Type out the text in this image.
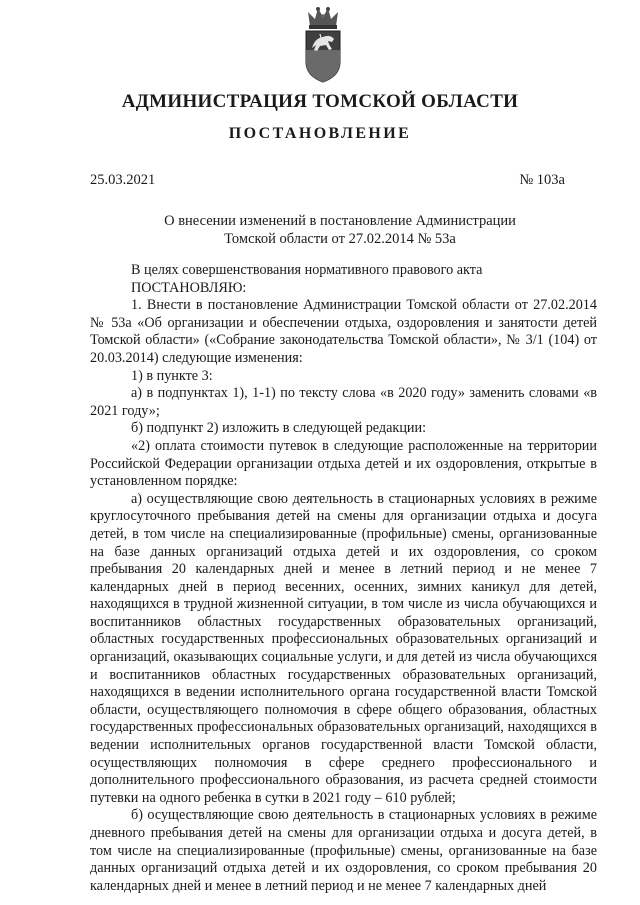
АДМИНИСТРАЦИЯ ТОМСКОЙ ОБЛАСТИ
ПОСТАНОВЛЕНИЕ
25.03.2021	№ 103а
О внесении изменений в постановление Администрации
Томской области от 27.02.2014 № 53а

В целях совершенствования нормативного правового акта

ПОСТАНОВЛЯЮ:

1. Внести в постановление Администрации Томской области от 27.02.2014 № 53а «Об организации и обеспечении отдыха, оздоровления и занятости детей Томской области» («Собрание законодательства Томской области», № 3/1 (104) от 20.03.2014) следующие изменения:

1) в пункте 3:

а) в подпунктах 1), 1-1) по тексту слова «в 2020 году» заменить словами «в 2021 году»;

б) подпункт 2) изложить в следующей редакции:

«2) оплата стоимости путевок в следующие расположенные на территории Российской Федерации организации отдыха детей и их оздоровления, открытые в установленном порядке:

а) осуществляющие свою деятельность в стационарных условиях в режиме круглосуточного пребывания детей на смены для организации отдыха и досуга детей, в том числе на специализированные (профильные) смены, организованные на базе данных организаций отдыха детей и их оздоровления, со сроком пребывания 20 календарных дней и менее в летний период и не менее 7 календарных дней в период весенних, осенних, зимних каникул для детей, находящихся в трудной жизненной ситуации, в том числе из числа обучающихся и воспитанников областных государственных образовательных организаций, областных государственных профессиональных образовательных организаций и организаций, оказывающих социальные услуги, и для детей из числа обучающихся и воспитанников областных государственных образовательных организаций, находящихся в ведении исполнительного органа государственной власти Томской области, осуществляющего полномочия в сфере общего образования, областных государственных профессиональных образовательных организаций, находящихся в ведении исполнительных органов государственной власти Томской области, осуществляющих полномочия в сфере среднего профессионального и дополнительного профессионального образования, из расчета средней стоимости путевки на одного ребенка в сутки в 2021 году – 610 рублей;

б) осуществляющие свою деятельность в стационарных условиях в режиме дневного пребывания детей на смены для организации отдыха и досуга детей, в том числе на специализированные (профильные) смены, организованные на базе данных организаций отдыха детей и их оздоровления, со сроком пребывания 20 календарных дней и менее в летний период и не менее 7 календарных дней
